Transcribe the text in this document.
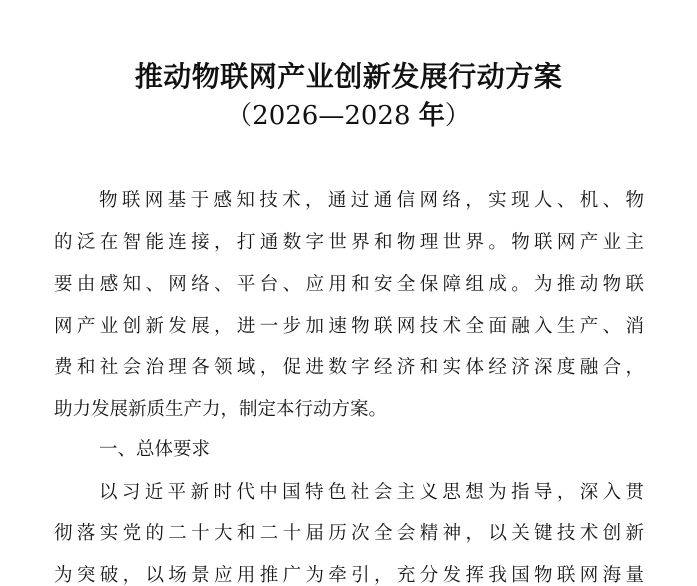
推动物联网产业创新发展行动方案
（2026—2028 年）
物联网基于感知技术，通过通信网络，实现人、机、物
的泛在智能连接，打通数字世界和物理世界。物联网产业主
要由感知、网络、平台、应用和安全保障组成。为推动物联
网产业创新发展，进一步加速物联网技术全面融入生产、消
费和社会治理各领域，促进数字经济和实体经济深度融合，
助力发展新质生产力，制定本行动方案。
一、总体要求
以习近平新时代中国特色社会主义思想为指导，深入贯
彻落实党的二十大和二十届历次全会精神，以关键技术创新
为突破，以场景应用推广为牵引，充分发挥我国物联网海量
